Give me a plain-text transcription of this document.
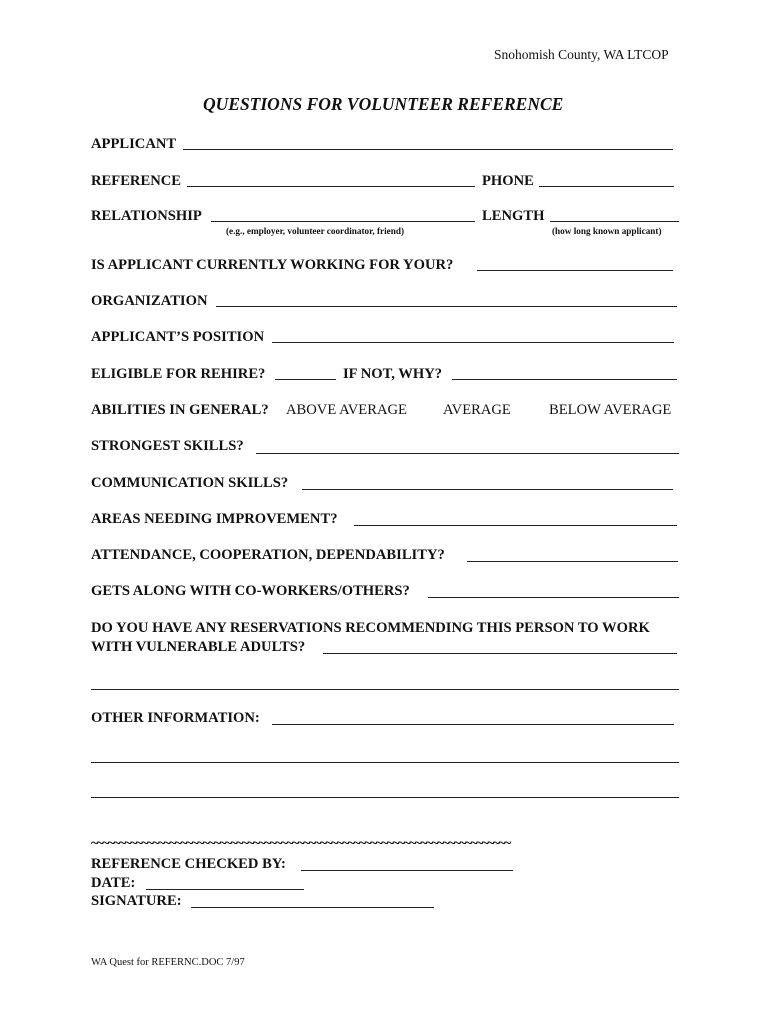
Snohomish County, WA LTCOP
QUESTIONS FOR VOLUNTEER REFERENCE
APPLICANT
REFERENCE	PHONE
RELATIONSHIP
(e.g., employer, volunteer coordinator, friend)
LENGTH
(how long known applicant)
IS APPLICANT CURRENTLY WORKING FOR YOUR?
ORGANIZATION
APPLICANT’S POSITION
ELIGIBLE FOR REHIRE?	IF NOT, WHY?
ABILITIES IN GENERAL? ABOVE AVERAGE AVERAGE	BELOW AVERAGE
STRONGEST SKILLS?
COMMUNICATION SKILLS?
AREAS NEEDING IMPROVEMENT?
ATTENDANCE, COOPERATION, DEPENDABILITY?
GETS ALONG WITH CO-WORKERS/OTHERS?
DO YOU HAVE ANY RESERVATIONS RECOMMENDING THIS PERSON TO WORK
WITH VULNERABLE ADULTS?
OTHER INFORMATION:
~~~~~~~~~~~~~~~~~~~~~~~~~~~~~~~~~~~~~~~~~~~~~~~~~~~~~~~~~~~~~~~~~~~~~~~~~~~
REFERENCE CHECKED BY:
DATE:
SIGNATURE:
WA Quest for REFERNC.DOC 7/97
